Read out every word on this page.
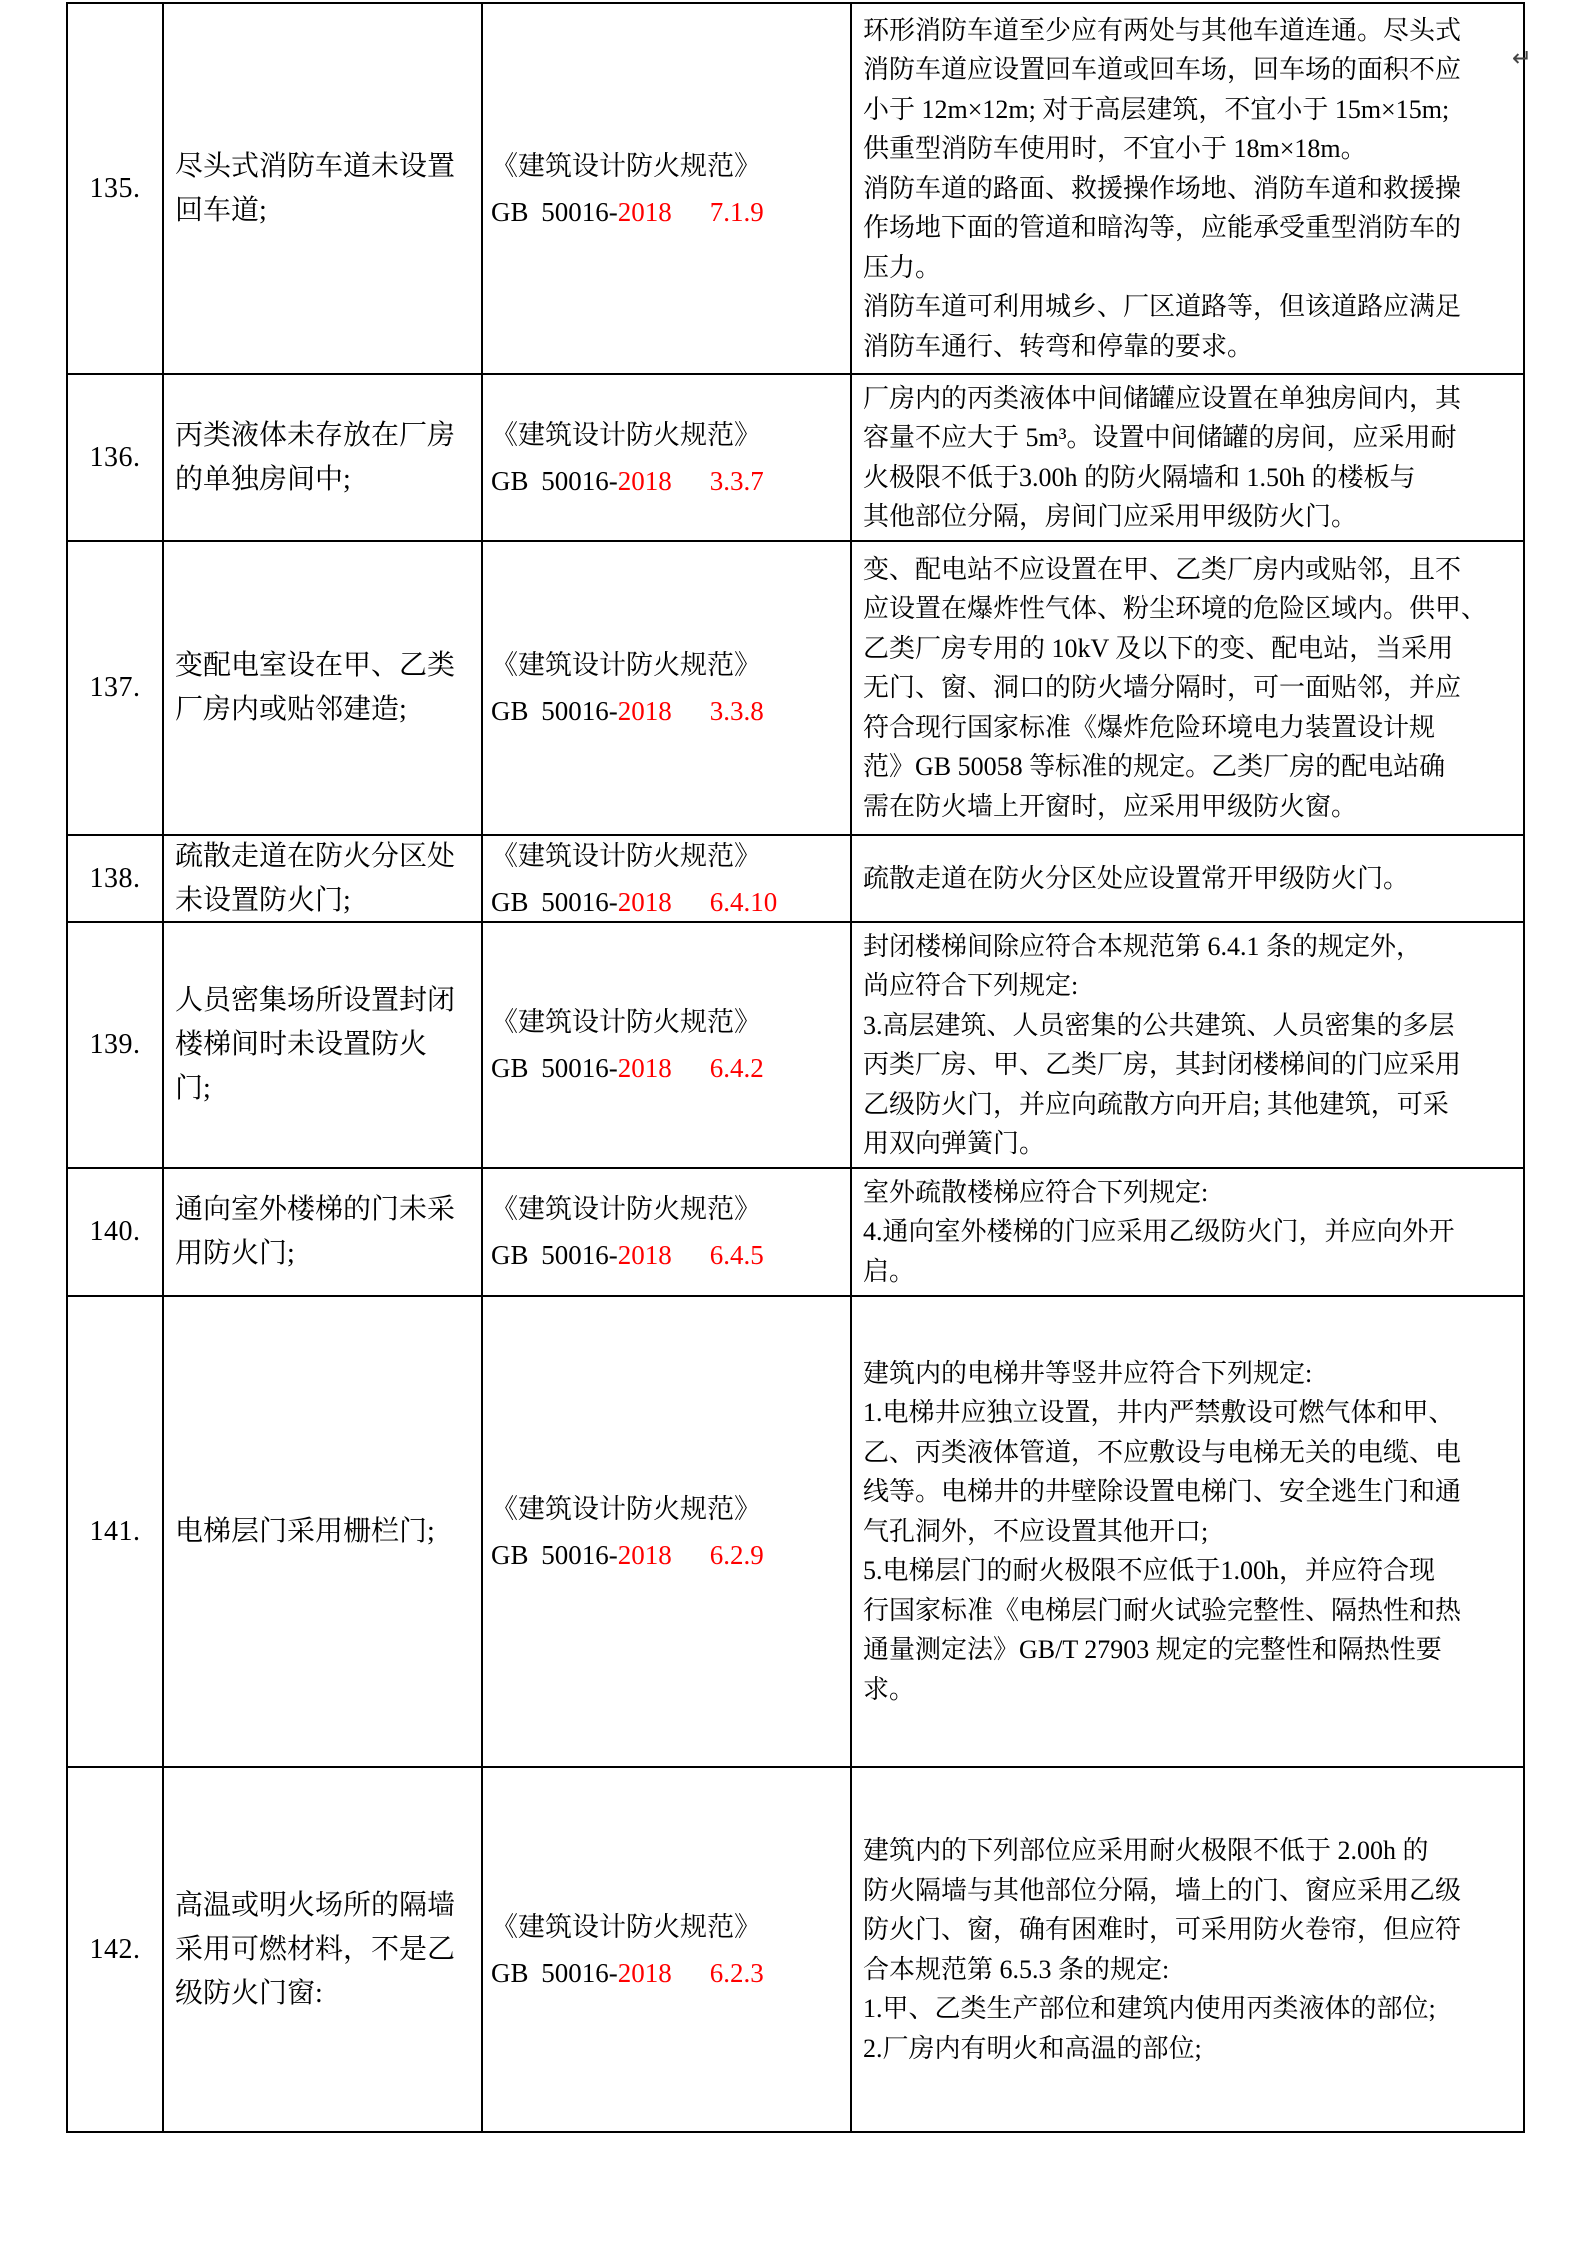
135.
尽头式消防车道未设置
回车道;
《建筑设计防火规范》
GB 50016-2018 7.1.9
环形消防车道至少应有两处与其他车道连通。尽头式
消防车道应设置回车道或回车场，回车场的面积不应
小于 12m×12m; 对于高层建筑，不宜小于 15m×15m;
供重型消防车使用时，不宜小于 18m×18m。
消防车道的路面、救援操作场地、消防车道和救援操
作场地下面的管道和暗沟等，应能承受重型消防车的
压力。
消防车道可利用城乡、厂区道路等，但该道路应满足
消防车通行、转弯和停靠的要求。
136.
丙类液体未存放在厂房
的单独房间中;
《建筑设计防火规范》
GB 50016-2018 3.3.7
厂房内的丙类液体中间储罐应设置在单独房间内，其
容量不应大于 5m³。设置中间储罐的房间，应采用耐
火极限不低于3.00h 的防火隔墙和 1.50h 的楼板与
其他部位分隔，房间门应采用甲级防火门。
137.
变配电室设在甲、乙类
厂房内或贴邻建造;
《建筑设计防火规范》
GB 50016-2018 3.3.8
变、配电站不应设置在甲、乙类厂房内或贴邻，且不
应设置在爆炸性气体、粉尘环境的危险区域内。供甲、
乙类厂房专用的 10kV 及以下的变、配电站，当采用
无门、窗、洞口的防火墙分隔时，可一面贴邻，并应
符合现行国家标准《爆炸危险环境电力装置设计规
范》GB 50058 等标准的规定。乙类厂房的配电站确
需在防火墙上开窗时，应采用甲级防火窗。
138.
疏散走道在防火分区处
未设置防火门;
《建筑设计防火规范》
GB 50016-2018 6.4.10
疏散走道在防火分区处应设置常开甲级防火门。
139.
人员密集场所设置封闭
楼梯间时未设置防火
门;
《建筑设计防火规范》
GB 50016-2018 6.4.2
封闭楼梯间除应符合本规范第 6.4.1 条的规定外，
尚应符合下列规定:
3.高层建筑、人员密集的公共建筑、人员密集的多层
丙类厂房、甲、乙类厂房，其封闭楼梯间的门应采用
乙级防火门，并应向疏散方向开启; 其他建筑，可采
用双向弹簧门。
140.
通向室外楼梯的门未采
用防火门;
《建筑设计防火规范》
GB 50016-2018 6.4.5
室外疏散楼梯应符合下列规定:
4.通向室外楼梯的门应采用乙级防火门，并应向外开
启。
141.	电梯层门采用栅栏门;
《建筑设计防火规范》
GB 50016-2018 6.2.9
建筑内的电梯井等竖井应符合下列规定:
1.电梯井应独立设置，井内严禁敷设可燃气体和甲、
乙、丙类液体管道，不应敷设与电梯无关的电缆、电
线等。电梯井的井壁除设置电梯门、安全逃生门和通
气孔洞外，不应设置其他开口;
5.电梯层门的耐火极限不应低于1.00h，并应符合现
行国家标准《电梯层门耐火试验完整性、隔热性和热
通量测定法》GB/T 27903 规定的完整性和隔热性要
求。
142.
高温或明火场所的隔墙
采用可燃材料，不是乙
级防火门窗:
《建筑设计防火规范》
GB 50016-2018 6.2.3
建筑内的下列部位应采用耐火极限不低于 2.00h 的
防火隔墙与其他部位分隔，墙上的门、窗应采用乙级
防火门、窗，确有困难时，可采用防火卷帘，但应符
合本规范第 6.5.3 条的规定:
1.甲、乙类生产部位和建筑内使用丙类液体的部位;
2.厂房内有明火和高温的部位;
↵
